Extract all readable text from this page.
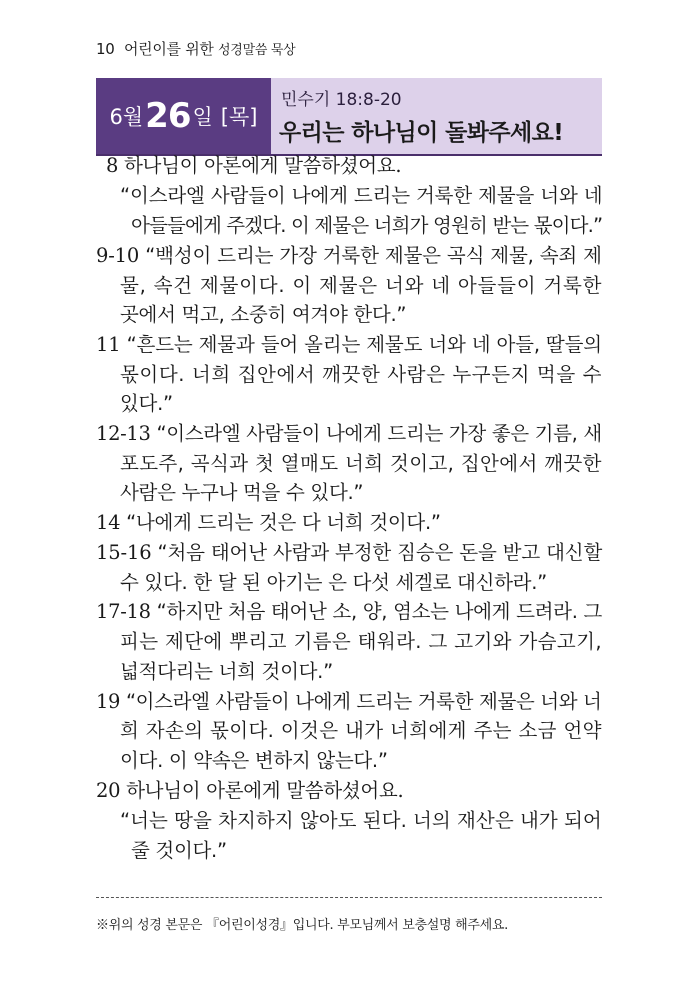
10 어린이를 위한 성경말씀 묵상
6월 26 일 [목]
민수기 18:8-20
우리는 하나님이 돌봐주세요!
8 하나님이 아론에게 말씀하셨어요.
“이스라엘 사람들이 나에게 드리는 거룩한 제물을 너와 네
아들들에게 주겠다. 이 제물은 너희가 영원히 받는 몫이다.”
9-10 “백성이 드리는 가장 거룩한 제물은 곡식 제물, 속죄 제
물, 속건 제물이다. 이 제물은 너와 네 아들들이 거룩한
곳에서 먹고, 소중히 여겨야 한다.”
11 “흔드는 제물과 들어 올리는 제물도 너와 네 아들, 딸들의
몫이다. 너희 집안에서 깨끗한 사람은 누구든지 먹을 수
있다.”
12-13 “이스라엘 사람들이 나에게 드리는 가장 좋은 기름, 새
포도주, 곡식과 첫 열매도 너희 것이고, 집안에서 깨끗한
사람은 누구나 먹을 수 있다.”
14 “나에게 드리는 것은 다 너희 것이다.”
15-16 “처음 태어난 사람과 부정한 짐승은 돈을 받고 대신할
수 있다. 한 달 된 아기는 은 다섯 세겔로 대신하라.”
17-18 “하지만 처음 태어난 소, 양, 염소는 나에게 드려라. 그
피는 제단에 뿌리고 기름은 태워라. 그 고기와 가슴고기,
넓적다리는 너희 것이다.”
19 “이스라엘 사람들이 나에게 드리는 거룩한 제물은 너와 너
희 자손의 몫이다. 이것은 내가 너희에게 주는 소금 언약
이다. 이 약속은 변하지 않는다.”
20 하나님이 아론에게 말씀하셨어요.
“너는 땅을 차지하지 않아도 된다. 너의 재산은 내가 되어
줄 것이다.”
※위의 성경 본문은 『어린이성경』입니다. 부모님께서 보충설명 해주세요.
